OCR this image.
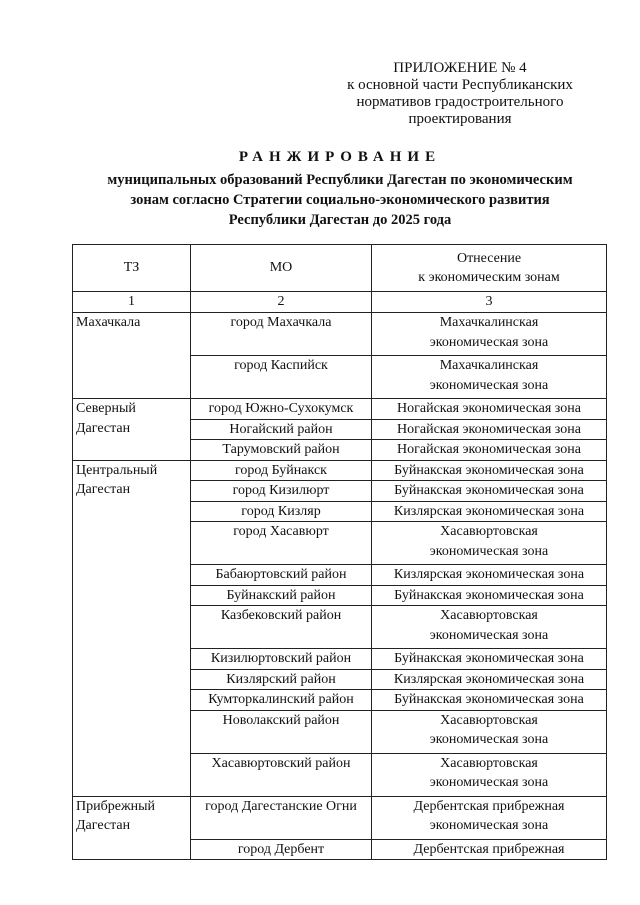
ПРИЛОЖЕНИЕ № 4
к основной части Республиканских
нормативов градостроительного
проектирования
РАНЖИРОВАНИЕ
муниципальных образований Республики Дагестан по экономическим
зонам согласно Стратегии социально-экономического развития
Республики Дагестан до 2025 года
ТЗ	МО	Отнесение
к экономическим зонам

1	2	3

Махачкала	город Махачкала	Махачкалинская
экономическая зона

	город Каспийск	Махачкалинская
экономическая зона

Северный
Дагестан	город Южно-Сухокумск	Ногайская экономическая зона

	Ногайский район	Ногайская экономическая зона

	Тарумовский район	Ногайская экономическая зона

Центральный
Дагестан	город Буйнакск	Буйнакская экономическая зона

	город Кизилюрт	Буйнакская экономическая зона

	город Кизляр	Кизлярская экономическая зона

	город Хасавюрт	Хасавюртовская
экономическая зона

	Бабаюртовский район	Кизлярская экономическая зона

	Буйнакский район	Буйнакская экономическая зона

	Казбековский район	Хасавюртовская
экономическая зона

	Кизилюртовский район	Буйнакская экономическая зона

	Кизлярский район	Кизлярская экономическая зона

	Кумторкалинский район	Буйнакская экономическая зона

	Новолакский район	Хасавюртовская
экономическая зона

	Хасавюртовский район	Хасавюртовская
экономическая зона

Прибрежный
Дагестан	город Дагестанские Огни	Дербентская прибрежная
экономическая зона

	город Дербент	Дербентская прибрежная
